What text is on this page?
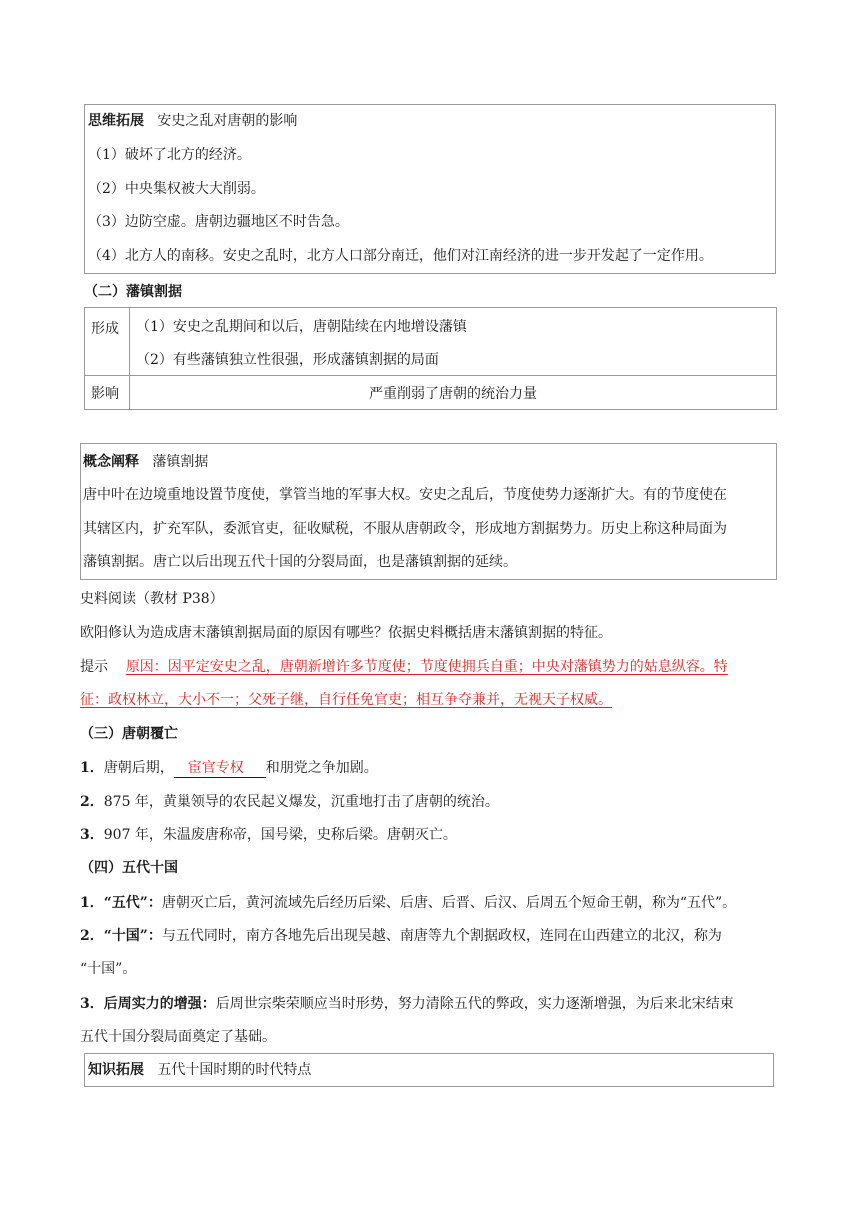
思维拓展 安史之乱对唐朝的影响
（1）破坏了北方的经济。
（2）中央集权被大大削弱。
（3）边防空虚。唐朝边疆地区不时告急。
（4）北方人的南移。安史之乱时，北方人口部分南迁，他们对江南经济的进一步开发起了一定作用。
（二）藩镇割据
形成	（1）安史之乱期间和以后，唐朝陆续在内地增设藩镇
（2）有些藩镇独立性很强，形成藩镇割据的局面

影响	严重削弱了唐朝的统治力量
概念阐释 藩镇割据
唐中叶在边境重地设置节度使，掌管当地的军事大权。安史之乱后，节度使势力逐渐扩大。有的节度使在
其辖区内，扩充军队，委派官吏，征收赋税，不服从唐朝政令，形成地方割据势力。历史上称这种局面为
藩镇割据。唐亡以后出现五代十国的分裂局面，也是藩镇割据的延续。
史料阅读（教材 P38）
欧阳修认为造成唐末藩镇割据局面的原因有哪些？依据史料概括唐末藩镇割据的特征。
提示 原因：因平定安史之乱，唐朝新增许多节度使；节度使拥兵自重；中央对藩镇势力的姑息纵容。特
征：政权林立，大小不一；父死子继，自行任免官吏；相互争夺兼并，无视天子权威。
（三）唐朝覆亡
1．唐朝后期， 宦官专权 和朋党之争加剧。
2．875 年，黄巢领导的农民起义爆发，沉重地打击了唐朝的统治。
3．907 年，朱温废唐称帝，国号梁，史称后梁。唐朝灭亡。
（四）五代十国
1．“五代”：唐朝灭亡后，黄河流域先后经历后梁、后唐、后晋、后汉、后周五个短命王朝，称为“五代”。
2．“十国”：与五代同时，南方各地先后出现吴越、南唐等九个割据政权，连同在山西建立的北汉，称为
“十国”。
3．后周实力的增强：后周世宗柴荣顺应当时形势，努力清除五代的弊政，实力逐渐增强，为后来北宋结束
五代十国分裂局面奠定了基础。
知识拓展 五代十国时期的时代特点
